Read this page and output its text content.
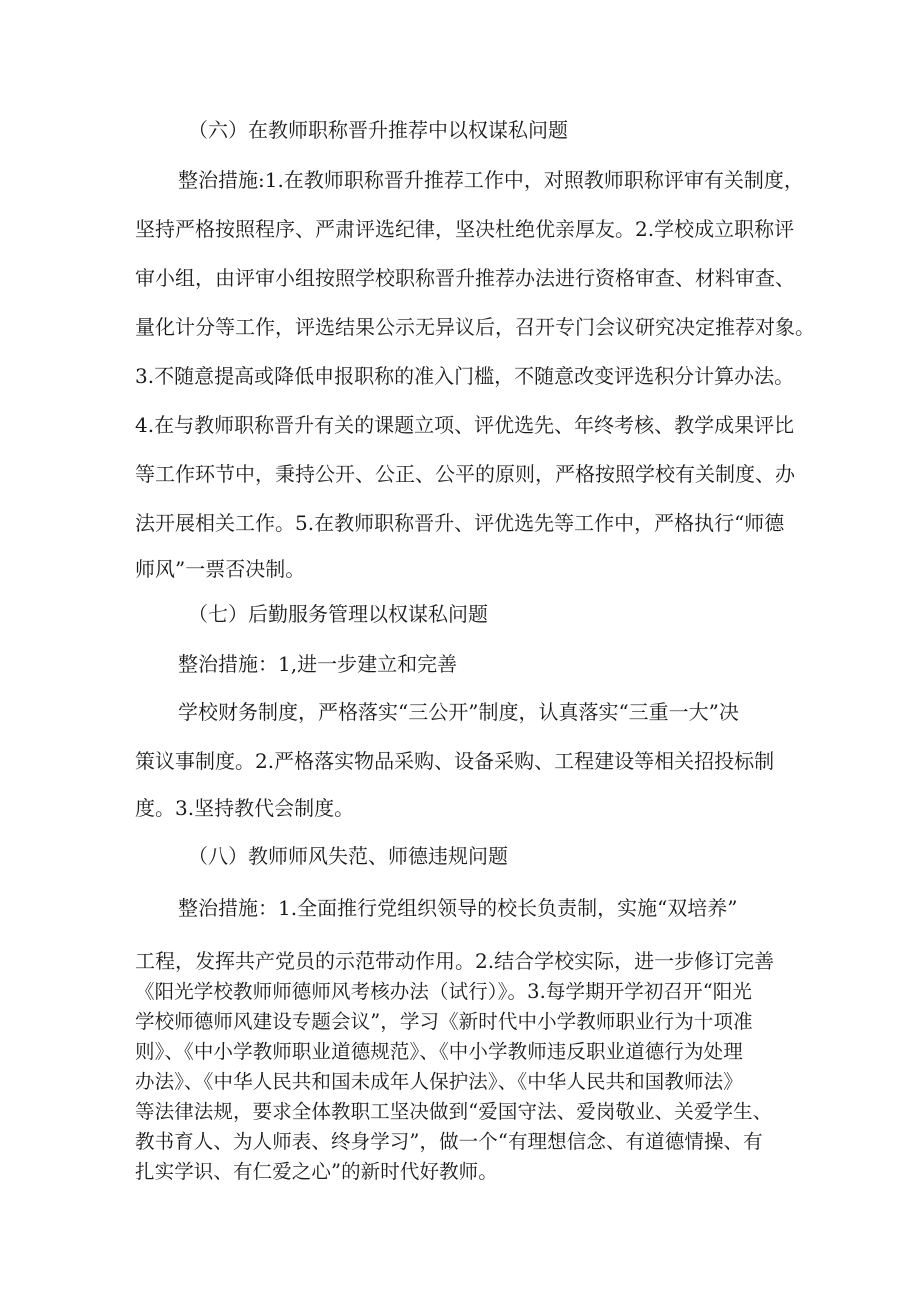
（六）在教师职称晋升推荐中以权谋私问题

整治措施:1.在教师职称晋升推荐工作中，对照教师职称评审有关制度，

坚持严格按照程序、严肃评选纪律，坚决杜绝优亲厚友。2.学校成立职称评

审小组，由评审小组按照学校职称晋升推荐办法进行资格审查、材料审查、

量化计分等工作，评选结果公示无异议后，召开专门会议研究决定推荐对象。

3.不随意提高或降低申报职称的准入门槛，不随意改变评选积分计算办法。

4.在与教师职称晋升有关的课题立项、评优选先、年终考核、教学成果评比

等工作环节中，秉持公开、公正、公平的原则，严格按照学校有关制度、办

法开展相关工作。5.在教师职称晋升、评优选先等工作中，严格执行“师德

师风”一票否决制。

（七）后勤服务管理以权谋私问题

整治措施：1,进一步建立和完善

学校财务制度，严格落实“三公开”制度，认真落实“三重一大”决

策议事制度。2.严格落实物品采购、设备采购、工程建设等相关招投标制

度。3.坚持教代会制度。

（八）教师师风失范、师德违规问题

整治措施：1.全面推行党组织领导的校长负责制，实施“双培养”

工程，发挥共产党员的示范带动作用。2.结合学校实际，进一步修订完善

《阳光学校教师师德师风考核办法（试行）》。3.每学期开学初召开“阳光

学校师德师风建设专题会议”，学习《新时代中小学教师职业行为十项准

则》、《中小学教师职业道德规范》、《中小学教师违反职业道德行为处理

办法》、《中华人民共和国未成年人保护法》、《中华人民共和国教师法》

等法律法规，要求全体教职工坚决做到“爱国守法、爱岗敬业、关爱学生、

教书育人、为人师表、终身学习”，做一个“有理想信念、有道德情操、有

扎实学识、有仁爱之心”的新时代好教师。
